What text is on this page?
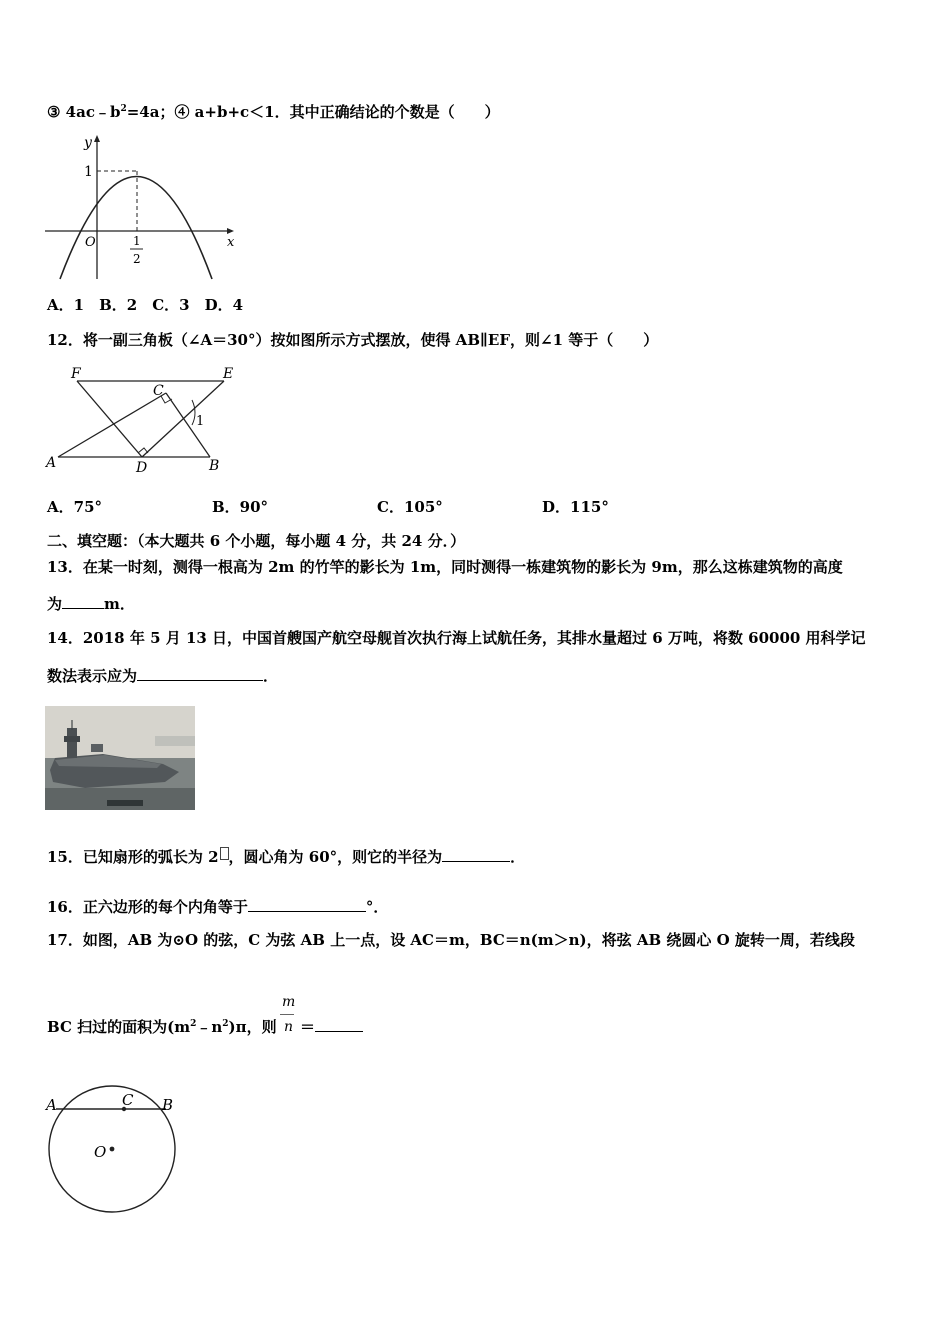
③ $4ac﹣b^2=4a$；④ a+b+c＜1．其中正确结论的个数是（　　）
y
x
1
O	1
2
A．1　B．2　C．3　D．4
12．将一副三角板（∠A＝30°）按如图所示方式摆放，使得 AB∥EF，则∠1 等于（　　）
F	E
C
1
A	D	B
A．75°	B．90°	C．105°	D．115°
二、填空题：（本大题共 6 个小题，每小题 4 分，共 24 分．）
13．在某一时刻，测得一根高为 2m 的竹竿的影长为 1m，同时测得一栋建筑物的影长为 9m，那么这栋建筑物的高度
为	m．
14．2018 年 5 月 13 日，中国首艘国产航空母舰首次执行海上试航任务，其排水量超过 6 万吨，将数 60000 用科学记
数法表示应为	．
15．已知扇形的弧长为 2 ，圆心角为 60°，则它的半径为	．
16．正六边形的每个内角等于	°．
17．如图，AB 为⊙O 的弦，C 为弦 AB 上一点，设 AC＝m，BC＝n(m＞n)，将弦 AB 绕圆心 O 旋转一周，若线段
BC 扫过的面积为$(m^2﹣n^2)\pi$，则
m
n ＝
A	C B
O
